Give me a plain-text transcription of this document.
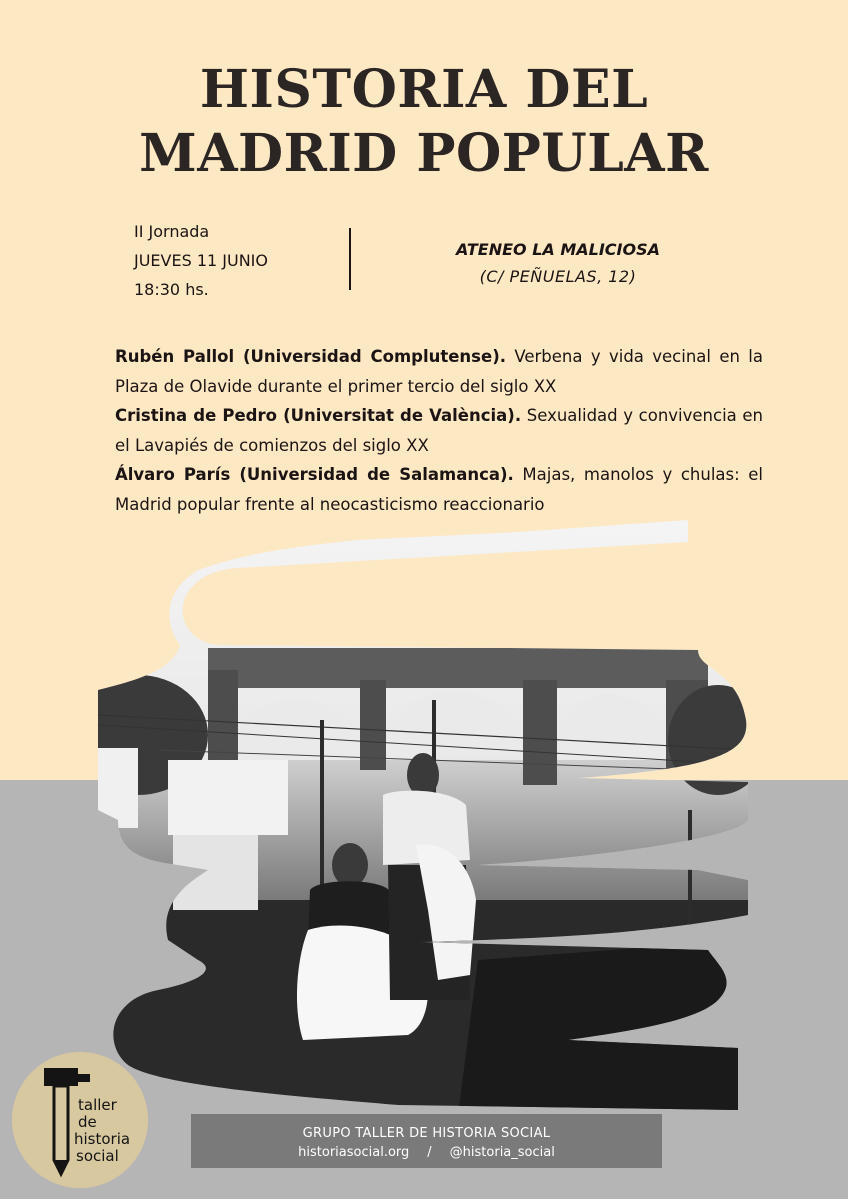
HISTORIA DEL
MADRID POPULAR
II Jornada
JUEVES 11 JUNIO
18:30 hs.
ATENEO LA MALICIOSA
(C/ PEÑUELAS, 12)

Rubén Pallol (Universidad Complutense). Verbena y vida vecinal en la Plaza de Olavide durante el primer tercio del siglo XX

Cristina de Pedro (Universitat de València). Sexualidad y convivencia en el Lavapiés de comienzos del siglo XX

Álvaro París (Universidad de Salamanca). Majas, manolos y chulas: el Madrid popular frente al neocasticismo reaccionario

taller
de
historia
social
GRUPO TALLER DE HISTORIA SOCIAL
historiasocial.org / @historia_social
